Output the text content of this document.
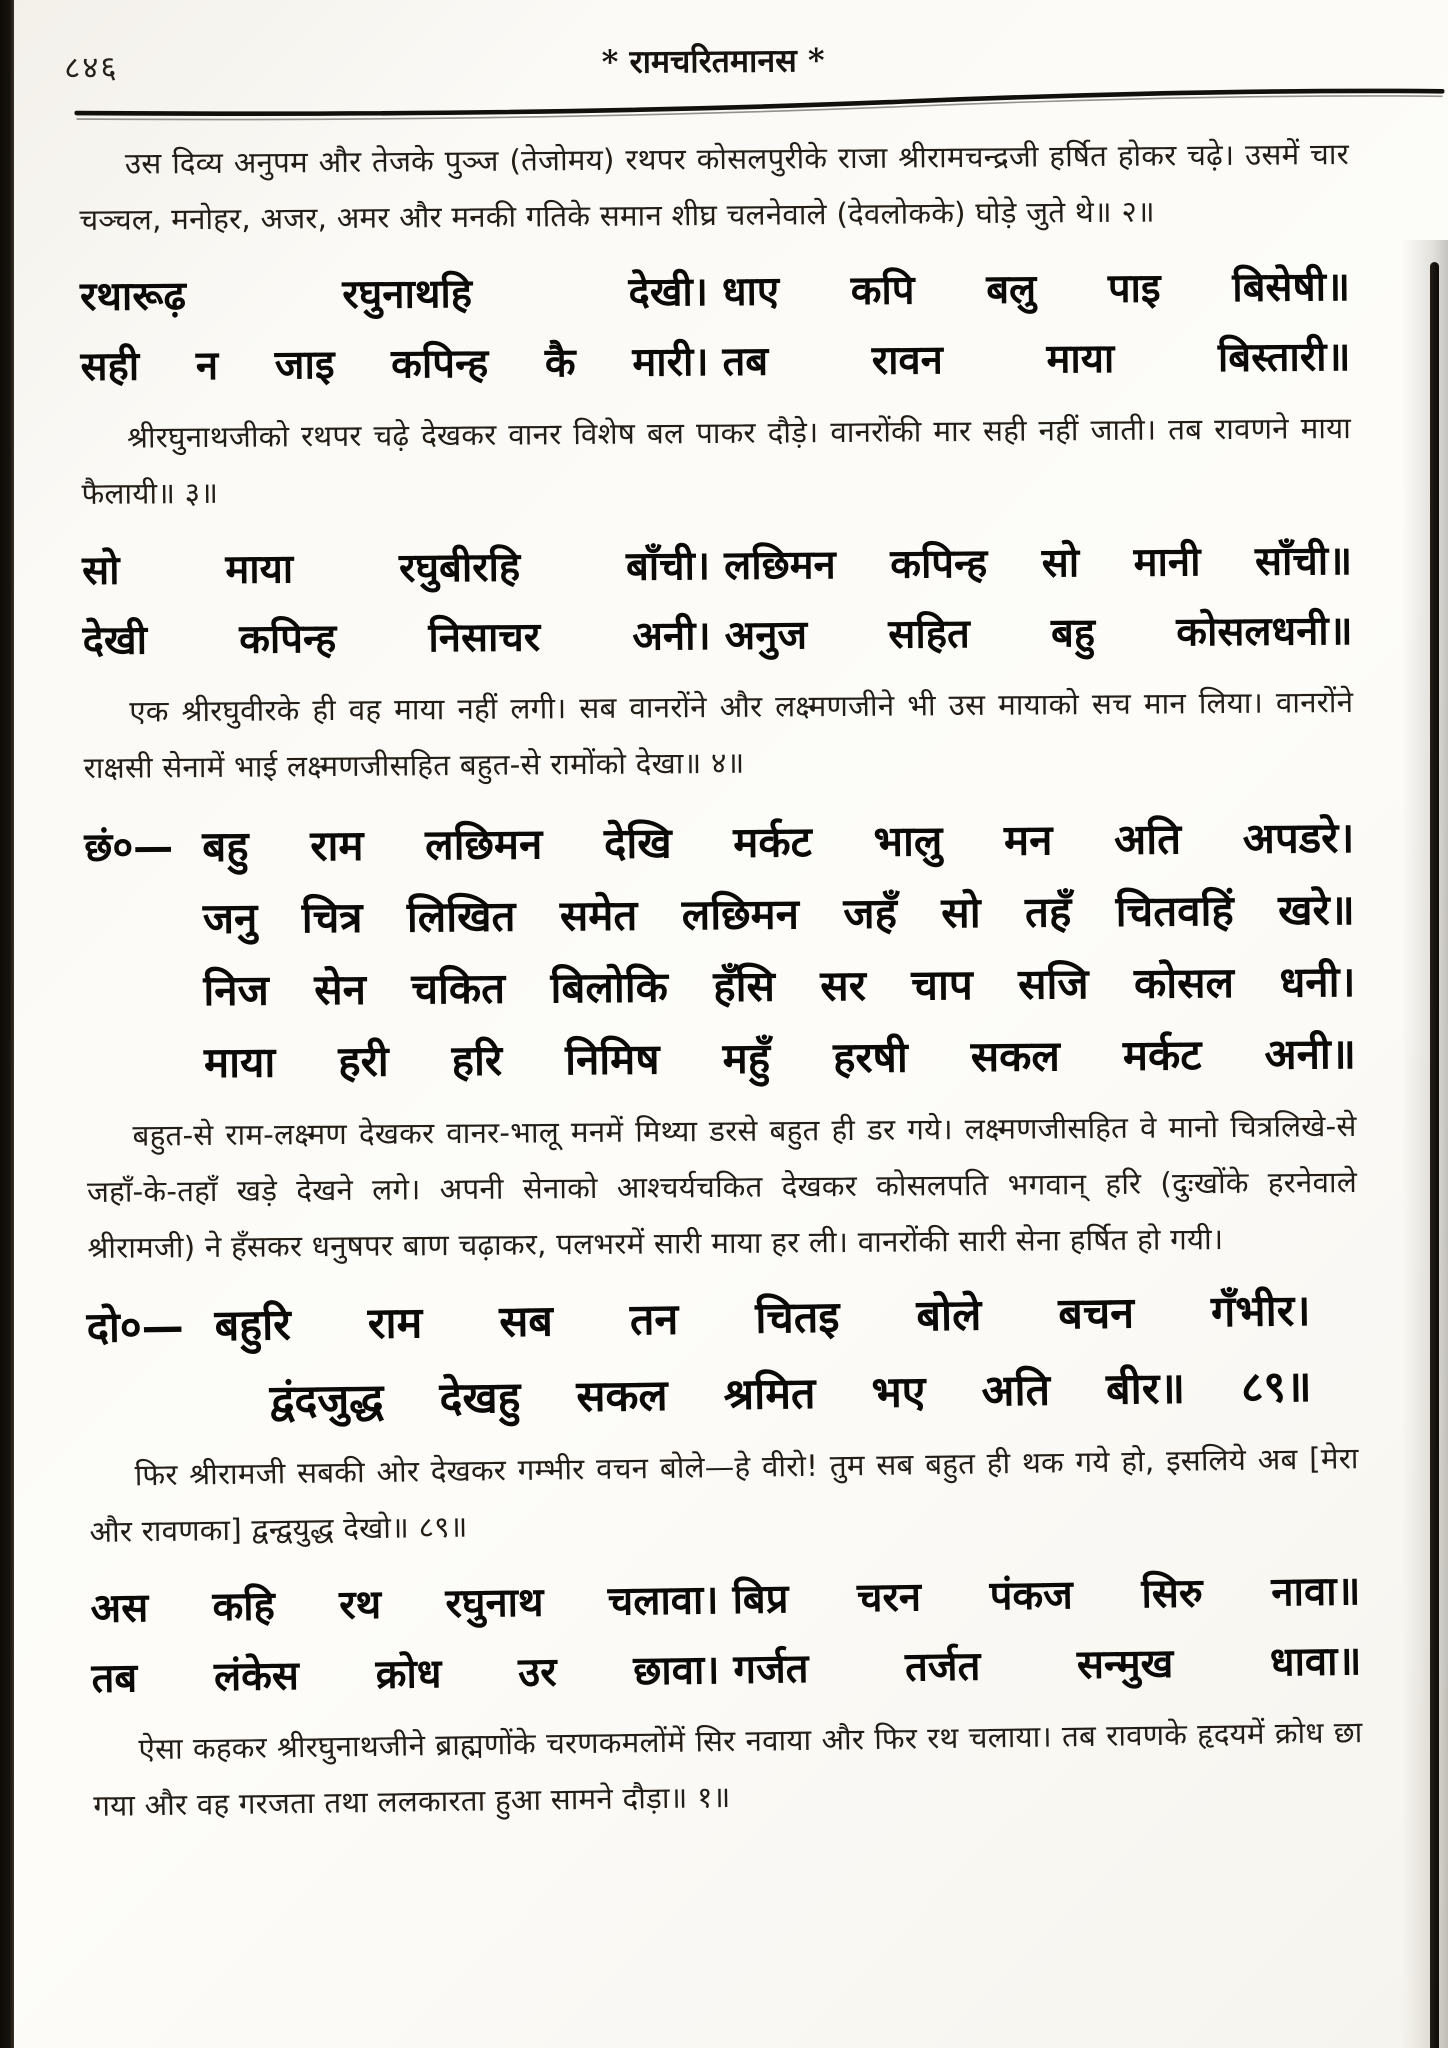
८४६	* रामचरितमानस *

उस दिव्य अनुपम और तेजके पुञ्ज (तेजोमय) रथपर कोसलपुरीके राजा श्रीरामचन्द्रजी हर्षित होकर चढ़े। उसमें चार चञ्चल, मनोहर, अजर, अमर और मनकी गतिके समान शीघ्र चलनेवाले (देवलोकके) घोड़े जुते थे॥ २॥

रथारूढ़ रघुनाथहि देखी। धाए कपि बलु पाइ बिसेषी॥
सही न जाइ कपिन्ह कै मारी। तब रावन माया बिस्तारी॥

श्रीरघुनाथजीको रथपर चढ़े देखकर वानर विशेष बल पाकर दौड़े। वानरोंकी मार सही नहीं जाती। तब रावणने माया फैलायी॥ ३॥

सो माया रघुबीरहि बाँची। लछिमन कपिन्ह सो मानी साँची॥
देखी कपिन्ह निसाचर अनी। अनुज सहित बहु कोसलधनी॥

एक श्रीरघुवीरके ही वह माया नहीं लगी। सब वानरोंने और लक्ष्मणजीने भी उस मायाको सच मान लिया। वानरोंने राक्षसी सेनामें भाई लक्ष्मणजीसहित बहुत-से रामोंको देखा॥ ४॥

छं०— बहु राम लछिमन देखि मर्कट भालु मन अति अपडरे।
जनु चित्र लिखित समेत लछिमन जहँ सो तहँ चितवहिं खरे॥
निज सेन चकित बिलोकि हँसि सर चाप सजि कोसल धनी।
माया हरी हरि निमिष महुँ हरषी सकल मर्कट अनी॥

बहुत-से राम-लक्ष्मण देखकर वानर-भालू मनमें मिथ्या डरसे बहुत ही डर गये। लक्ष्मणजीसहित वे मानो चित्रलिखे-से जहाँ-के-तहाँ खड़े देखने लगे। अपनी सेनाको आश्चर्यचकित देखकर कोसलपति भगवान् हरि (दुःखोंके हरनेवाले श्रीरामजी) ने हँसकर धनुषपर बाण चढ़ाकर, पलभरमें सारी माया हर ली। वानरोंकी सारी सेना हर्षित हो गयी।

दो०— बहुरि राम सब तन चितइ बोले बचन गँभीर।
द्वंदजुद्ध देखहु सकल श्रमित भए अति बीर॥ ८९॥

फिर श्रीरामजी सबकी ओर देखकर गम्भीर वचन बोले—हे वीरो! तुम सब बहुत ही थक गये हो, इसलिये अब [मेरा और रावणका] द्वन्द्वयुद्ध देखो॥ ८९॥

अस कहि रथ रघुनाथ चलावा। बिप्र चरन पंकज सिरु नावा॥
तब लंकेस क्रोध उर छावा। गर्जत तर्जत सन्मुख धावा॥

ऐसा कहकर श्रीरघुनाथजीने ब्राह्मणोंके चरणकमलोंमें सिर नवाया और फिर रथ चलाया। तब रावणके हृदयमें क्रोध छा गया और वह गरजता तथा ललकारता हुआ सामने दौड़ा॥ १॥
